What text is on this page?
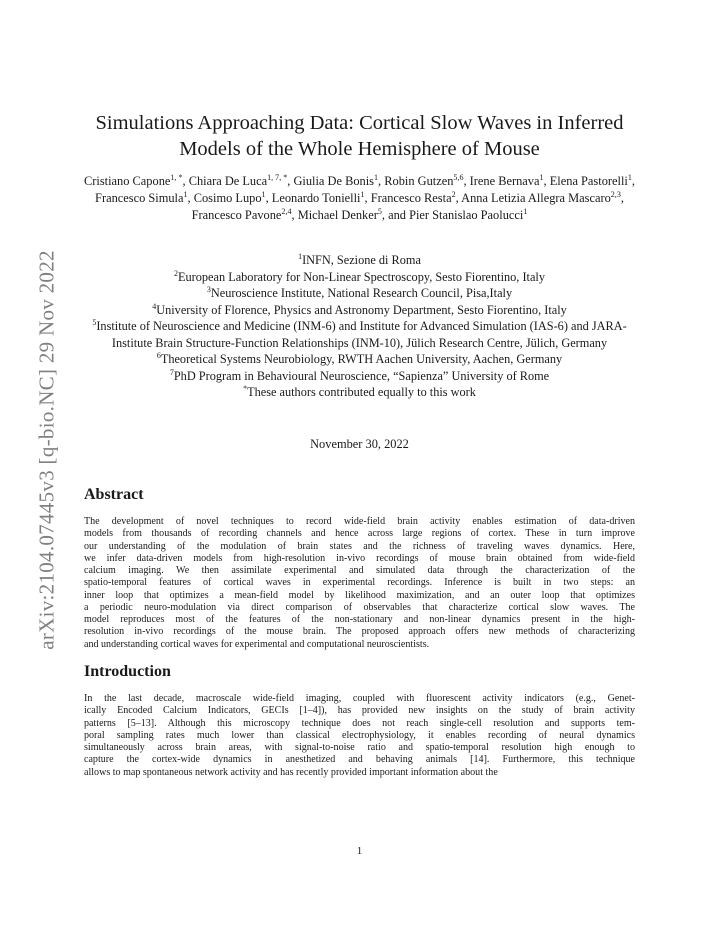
arXiv:2104.07445v3 [q-bio.NC] 29 Nov 2022
Simulations Approaching Data: Cortical Slow Waves in Inferred
Models of the Whole Hemisphere of Mouse
Cristiano Capone$^{1, *}$, Chiara De Luca$^{1, 7, *}$, Giulia De Bonis$^1$, Robin Gutzen$^{5,6}$, Irene Bernava$^1$, Elena Pastorelli$^1$, Francesco Simula$^1$, Cosimo Lupo$^1$, Leonardo Tonielli$^1$, Francesco Resta$^2$, Anna Letizia Allegra Mascaro$^{2,3}$, Francesco Pavone$^{2,4}$, Michael Denker$^5$, and Pier Stanislao Paolucci$^1$
$^1$INFN, Sezione di Roma
$^2$European Laboratory for Non-Linear Spectroscopy, Sesto Fiorentino, Italy
$^3$Neuroscience Institute, National Research Council, Pisa,Italy
$^4$University of Florence, Physics and Astronomy Department, Sesto Fiorentino, Italy
$^5$Institute of Neuroscience and Medicine (INM-6) and Institute for Advanced Simulation (IAS-6) and JARA-Institute Brain Structure-Function Relationships (INM-10), Jülich Research Centre, Jülich, Germany
$^6$Theoretical Systems Neurobiology, RWTH Aachen University, Aachen, Germany
$^7$PhD Program in Behavioural Neuroscience, “Sapienza” University of Rome
*These authors contributed equally to this work
November 30, 2022
Abstract
The development of novel techniques to record wide-field brain activity enables estimation of data-driven
models from thousands of recording channels and hence across large regions of cortex. These in turn improve
our understanding of the modulation of brain states and the richness of traveling waves dynamics. Here,
we infer data-driven models from high-resolution in-vivo recordings of mouse brain obtained from wide-field
calcium imaging. We then assimilate experimental and simulated data through the characterization of the
spatio-temporal features of cortical waves in experimental recordings. Inference is built in two steps: an
inner loop that optimizes a mean-field model by likelihood maximization, and an outer loop that optimizes
a periodic neuro-modulation via direct comparison of observables that characterize cortical slow waves. The
model reproduces most of the features of the non-stationary and non-linear dynamics present in the high-
resolution in-vivo recordings of the mouse brain. The proposed approach offers new methods of characterizing
and understanding cortical waves for experimental and computational neuroscientists.
Introduction
In the last decade, macroscale wide-field imaging, coupled with fluorescent activity indicators (e.g., Genet-
ically Encoded Calcium Indicators, GECIs [1–4]), has provided new insights on the study of brain activity
patterns [5–13]. Although this microscopy technique does not reach single-cell resolution and supports tem-
poral sampling rates much lower than classical electrophysiology, it enables recording of neural dynamics
simultaneously across brain areas, with signal-to-noise ratio and spatio-temporal resolution high enough to
capture the cortex-wide dynamics in anesthetized and behaving animals [14]. Furthermore, this technique
allows to map spontaneous network activity and has recently provided important information about the
1
